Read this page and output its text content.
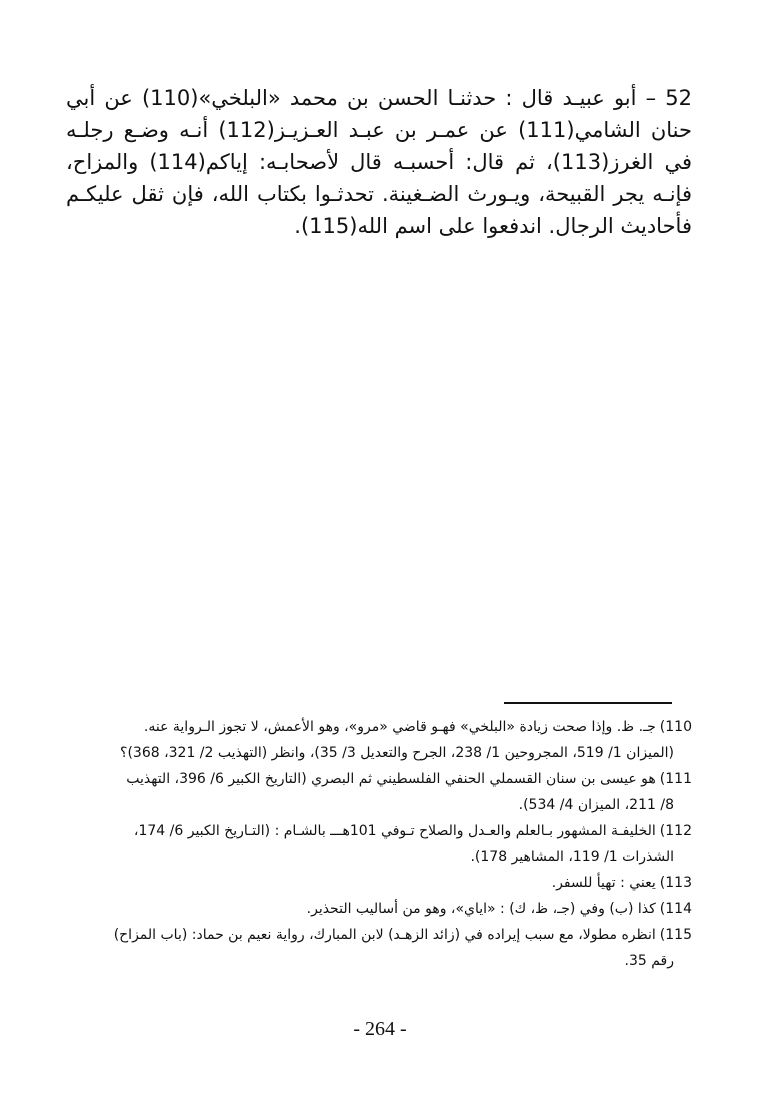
52 – أبو عبيـد قال : حدثنـا الحسن بن محمد «البلخي»(110) عن أبي حنان الشامي(111) عن عمـر بن عبـد العـزيـز(112) أنـه وضـع رجلـه في الغرز(113)، ثم قال: أحسبـه قال لأصحابـه: إياكم(114) والمزاح، فإنـه يجر القبيحة، ويـورث الضـغينة. تحدثـوا بكتاب الله، فإن ثقل عليكـم فأحاديث الرجال. اندفعوا على اسم الله(115).

110)جـ. ظ. وإذا صحت زيادة «البلخي» فهـو قاضي «مرو»، وهو الأعمش، لا تجوز الـرواية عنه.
(الميزان 1/ 519، المجروحين 1/ 238، الجرح والتعديل 3/ 35)، وانظر (التهذيب 2/ 321، 368)؟
111)هو عيسى بن سنان القسملي الحنفي الفلسطيني ثم البصري (التاريخ الكبير 6/ 396، التهذيب
8/ 211، الميزان 4/ 534).
112)الخليفـة المشهور بـالعلم والعـدل والصلاح تـوفي 101هـــ بالشـام : (التـاريخ الكبير 6/ 174،
الشذرات 1/ 119، المشاهير 178).
113)يعني : تهيأ للسفر.
114)كذا (ب) وفي (جـ، ظ، ك) : «اياي»، وهو من أساليب التحذير.
115)انظره مطولا، مع سبب إيراده في (زائد الزهـد) لابن المبارك، رواية نعيم بن حماد: (باب المزاح)
رقم 35.
- 264 -
